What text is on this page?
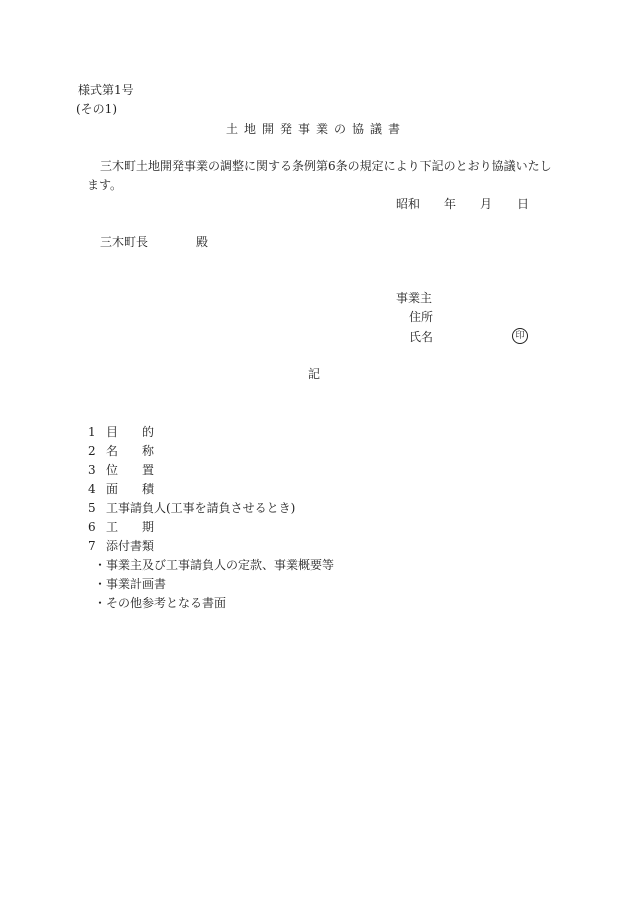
様式第1号
(その1)
土地開発事業の協議書
三木町土地開発事業の調整に関する条例第6条の規定により下記のとおり協議いたし
ます。
昭和 年 月 日
三木町長	殿
事業主
住所
氏名	印
記
1 目的
2 名称
3 位置
4 面積
5 工事請負人(工事を請負させるとき)
6 工期
7 添付書類
・事業主及び工事請負人の定款、事業概要等
・事業計画書
・その他参考となる書面
